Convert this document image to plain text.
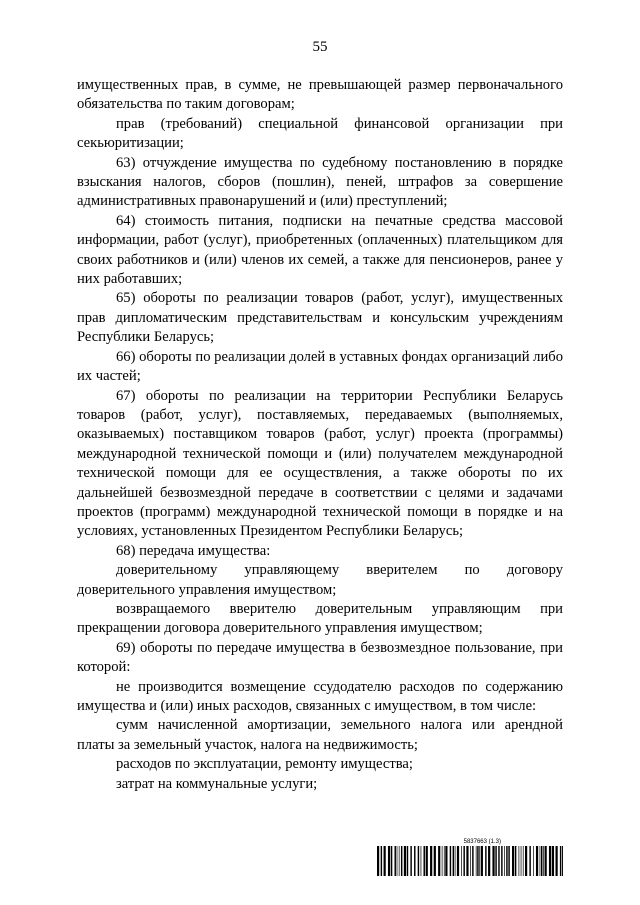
55

имущественных прав, в сумме, не превышающей размер первоначального обязательства по таким договорам;

прав (требований) специальной финансовой организации при секьюритизации;

63) отчуждение имущества по судебному постановлению в порядке взыскания налогов, сборов (пошлин), пеней, штрафов за совершение административных правонарушений и (или) преступлений;

64) стоимость питания, подписки на печатные средства массовой информации, работ (услуг), приобретенных (оплаченных) плательщиком для своих работников и (или) членов их семей, а также для пенсионеров, ранее у них работавших;

65) обороты по реализации товаров (работ, услуг), имущественных прав дипломатическим представительствам и консульским учреждениям Республики Беларусь;

66) обороты по реализации долей в уставных фондах организаций либо их частей;

67) обороты по реализации на территории Республики Беларусь товаров (работ, услуг), поставляемых, передаваемых (выполняемых, оказываемых) поставщиком товаров (работ, услуг) проекта (программы) международной технической помощи и (или) получателем международной технической помощи для ее осуществления, а также обороты по их дальнейшей безвозмездной передаче в соответствии с целями и задачами проектов (программ) международной технической помощи в порядке и на условиях, установленных Президентом Республики Беларусь;

68) передача имущества:

доверительному управляющему вверителем по договору доверительного управления имуществом;

возвращаемого вверителю доверительным управляющим при прекращении договора доверительного управления имуществом;

69) обороты по передаче имущества в безвозмездное пользование, при которой:

не производится возмещение ссудодателю расходов по содержанию имущества и (или) иных расходов, связанных с имуществом, в том числе:

сумм начисленной амортизации, земельного налога или арендной платы за земельный участок, налога на недвижимость;

расходов по эксплуатации, ремонту имущества;

затрат на коммунальные услуги;

5837663 (1.3)
